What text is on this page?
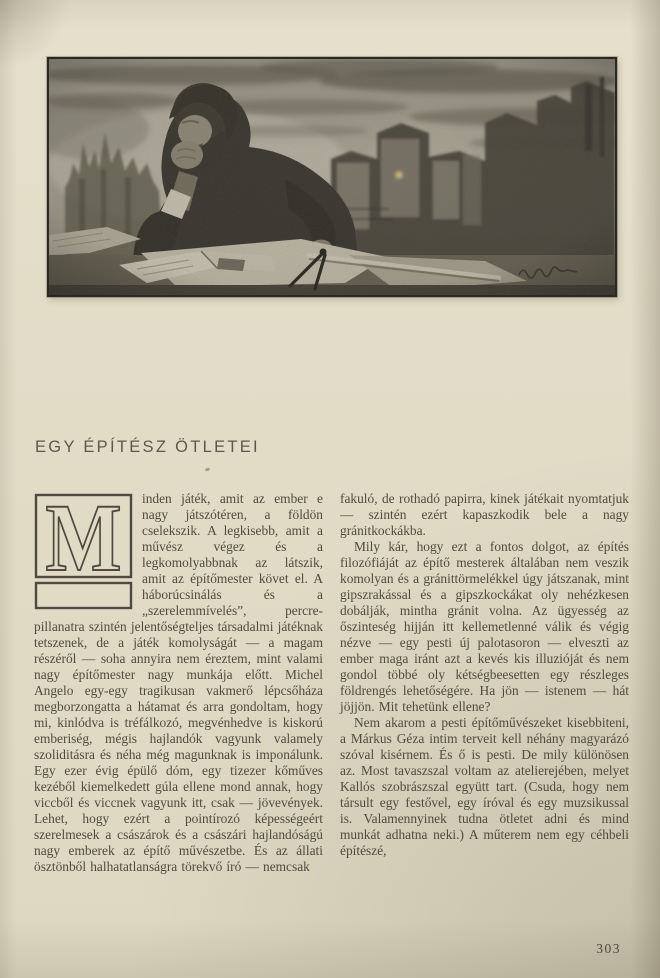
EGY ÉPÍTÉSZ ÖTLETEI
M	inden játék, amit az ember e nagy játszótéren, a földön cselekszik. A legkisebb, amit a művész végez és a legkomolyabbnak az látszik, amit az építőmester követ el. A háborúcsinálás és a „szerelemmívelés”, percre-pillanatra szintén jelentőségteljes társadalmi játéknak tetszenek, de a játék komolyságát — a magam részéről — soha annyira nem éreztem, mint valami nagy építőmester nagy munkája előtt. Michel Angelo egy-egy tragikusan vakmerő lépcsőháza megborzongatta a hátamat és arra gondoltam, hogy mi, kinlódva is tréfálkozó, megvénhedve is kiskorú emberiség, mégis hajlandók vagyunk valamely szoliditásra és néha még magunknak is imponálunk. Egy ezer évig épülő dóm, egy tizezer kőműves kezéből kiemelkedett gúla ellene mond annak, hogy viccből és viccnek vagyunk itt, csak — jövevények. Lehet, hogy ezért a pointírozó képességeért szerelmesek a császárok és a császári hajlandóságú nagy emberek az építő művészetbe. És az állati ösztönből halhatatlanságra törekvő író — nemcsak

fakuló, de rothadó papirra, kinek játékait nyomtatjuk — szintén ezért kapaszkodik bele a nagy gránitkockákba.

Mily kár, hogy ezt a fontos dolgot, az építés filozófiáját az építő mesterek általában nem veszik komolyan és a gránittörmelékkel úgy játszanak, mint gipszrakással és a gipszkockákat oly nehézkesen dobálják, mintha gránit volna. Az ügyesség az őszinteség hijján itt kellemetlenné válik és végig nézve — egy pesti új palotasoron — elveszti az ember maga iránt azt a kevés kis illuzióját és nem gondol többé oly kétségbeesetten egy részleges földrengés lehetőségére. Ha jön — istenem — hát jöjjön. Mit tehetünk ellene?

Nem akarom a pesti építőművészeket kisebbiteni, a Márkus Géza intim terveit kell néhány magyarázó szóval kisérnem. És ő is pesti. De mily különösen az. Most tavaszszal voltam az atelierejében, melyet Kallós szobrászszal együtt tart. (Csuda, hogy nem társult egy festővel, egy íróval és egy muzsikussal is. Valamennyinek tudna ötletet adni és mind munkát adhatna neki.) A műterem nem egy céhbeli építészé,

303
